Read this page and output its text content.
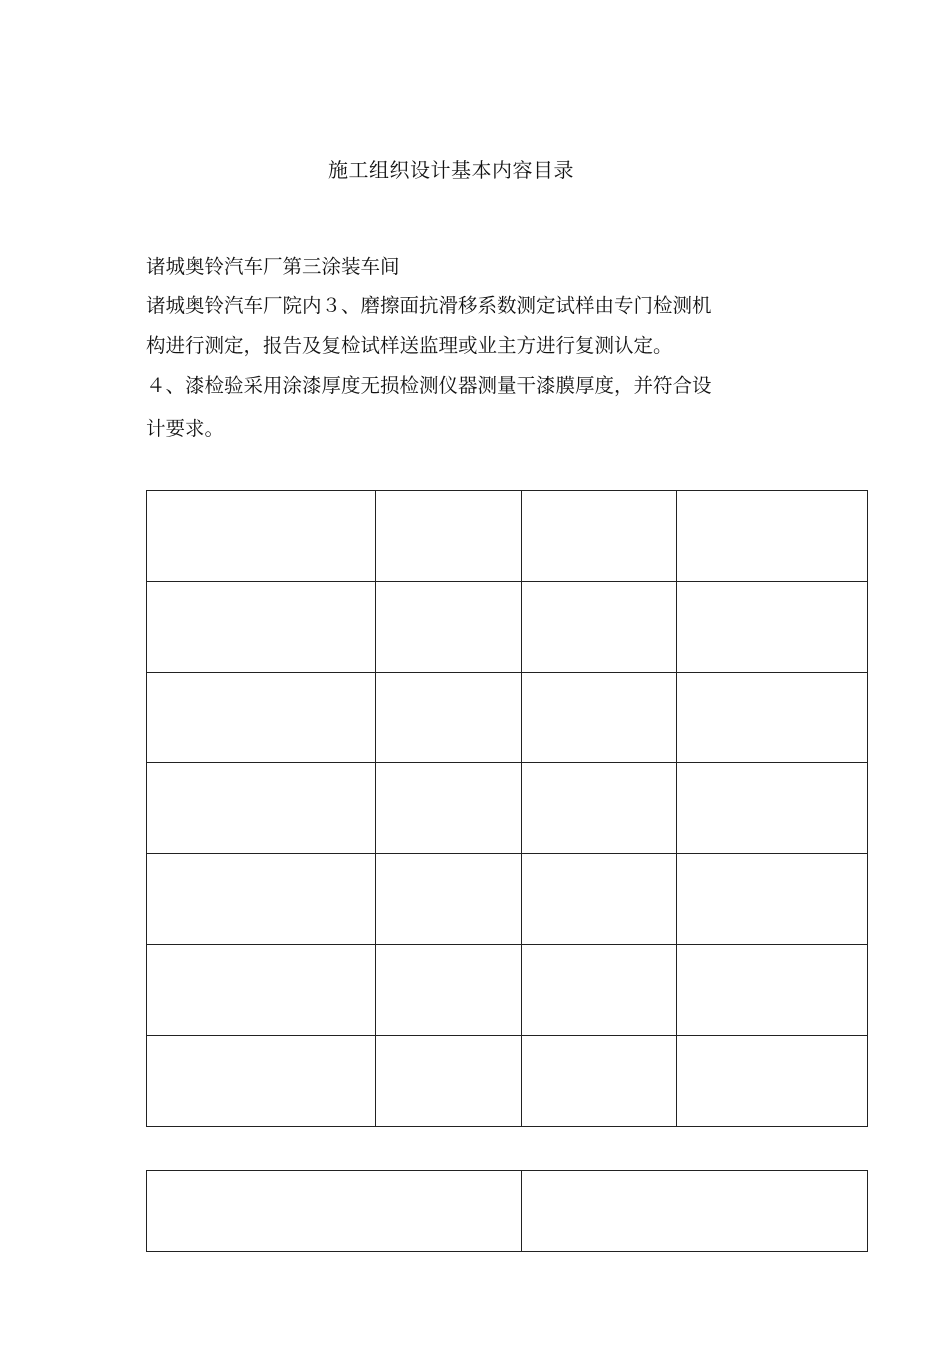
施工组织设计基本内容目录
诸城奥铃汽车厂第三涂装车间
诸城奥铃汽车厂院内３、磨擦面抗滑移系数测定试样由专门检测机
构进行测定，报告及复检试样送监理或业主方进行复测认定。
４、漆检验采用涂漆厚度无损检测仪器测量干漆膜厚度，并符合设
计要求。
